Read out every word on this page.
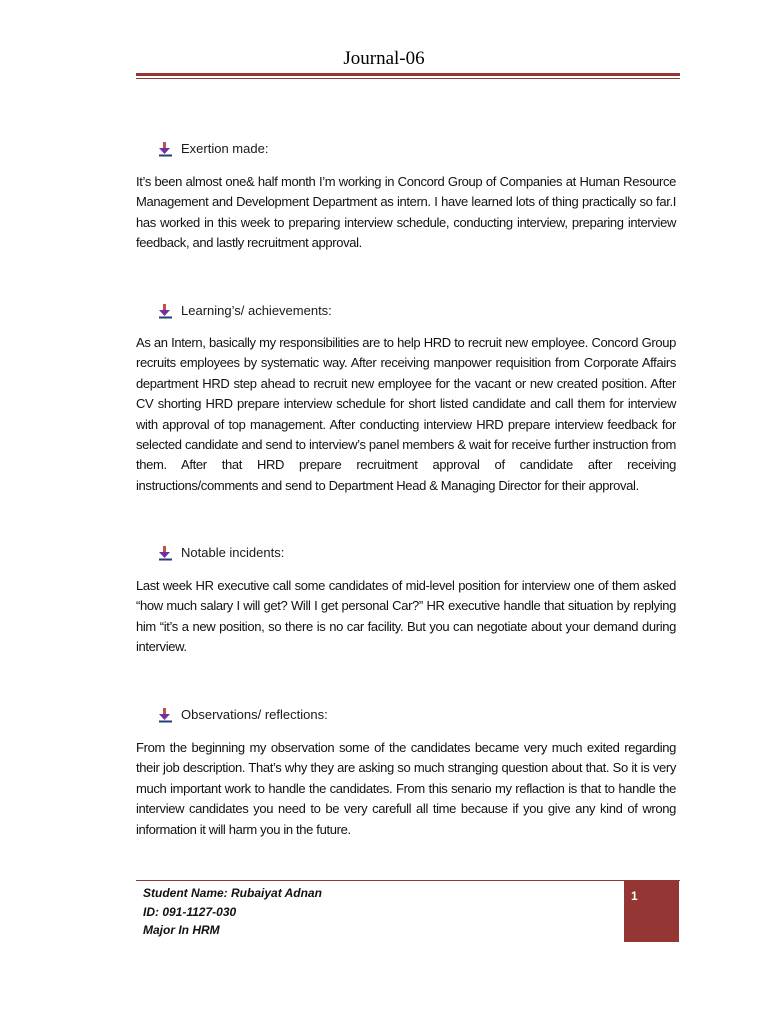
Journal-06
Exertion made:
It’s been almost one& half month I’m working in Concord Group of Companies at Human Resource Management and Development Department as intern. I have learned lots of thing practically so far.I has worked in this week to preparing interview schedule, conducting interview, preparing interview feedback, and lastly recruitment approval.
Learning’s/ achievements:
As an Intern, basically my responsibilities are to help HRD to recruit new employee. Concord Group recruits employees by systematic way. After receiving manpower requisition from Corporate Affairs department HRD step ahead to recruit new employee for the vacant or new created position. After CV shorting HRD prepare interview schedule for short listed candidate and call them for interview with approval of top management. After conducting interview HRD prepare interview feedback for selected candidate and send to interview’s panel members & wait for receive further instruction from them. After that HRD prepare recruitment approval of candidate after receiving instructions/comments and send to Department Head & Managing Director for their approval.
Notable incidents:
Last week HR executive call some candidates of mid-level position for interview one of them asked “how much salary I will get? Will I get personal Car?” HR executive handle that situation by replying him “it’s a new position, so there is no car facility. But you can negotiate about your demand during interview.
Observations/ reflections:
From the beginning my observation some of the candidates became very much exited regarding their job description. That’s why they are asking so much stranging question about that. So it is very much important work to handle the candidates. From this senario my reflaction is that to handle the interview candidates you need to be very carefull all time because if you give any kind of wrong information it will harm you in the future.
Student Name: Rubaiyat Adnan
ID: 091-1127-030
Major In HRM
1
